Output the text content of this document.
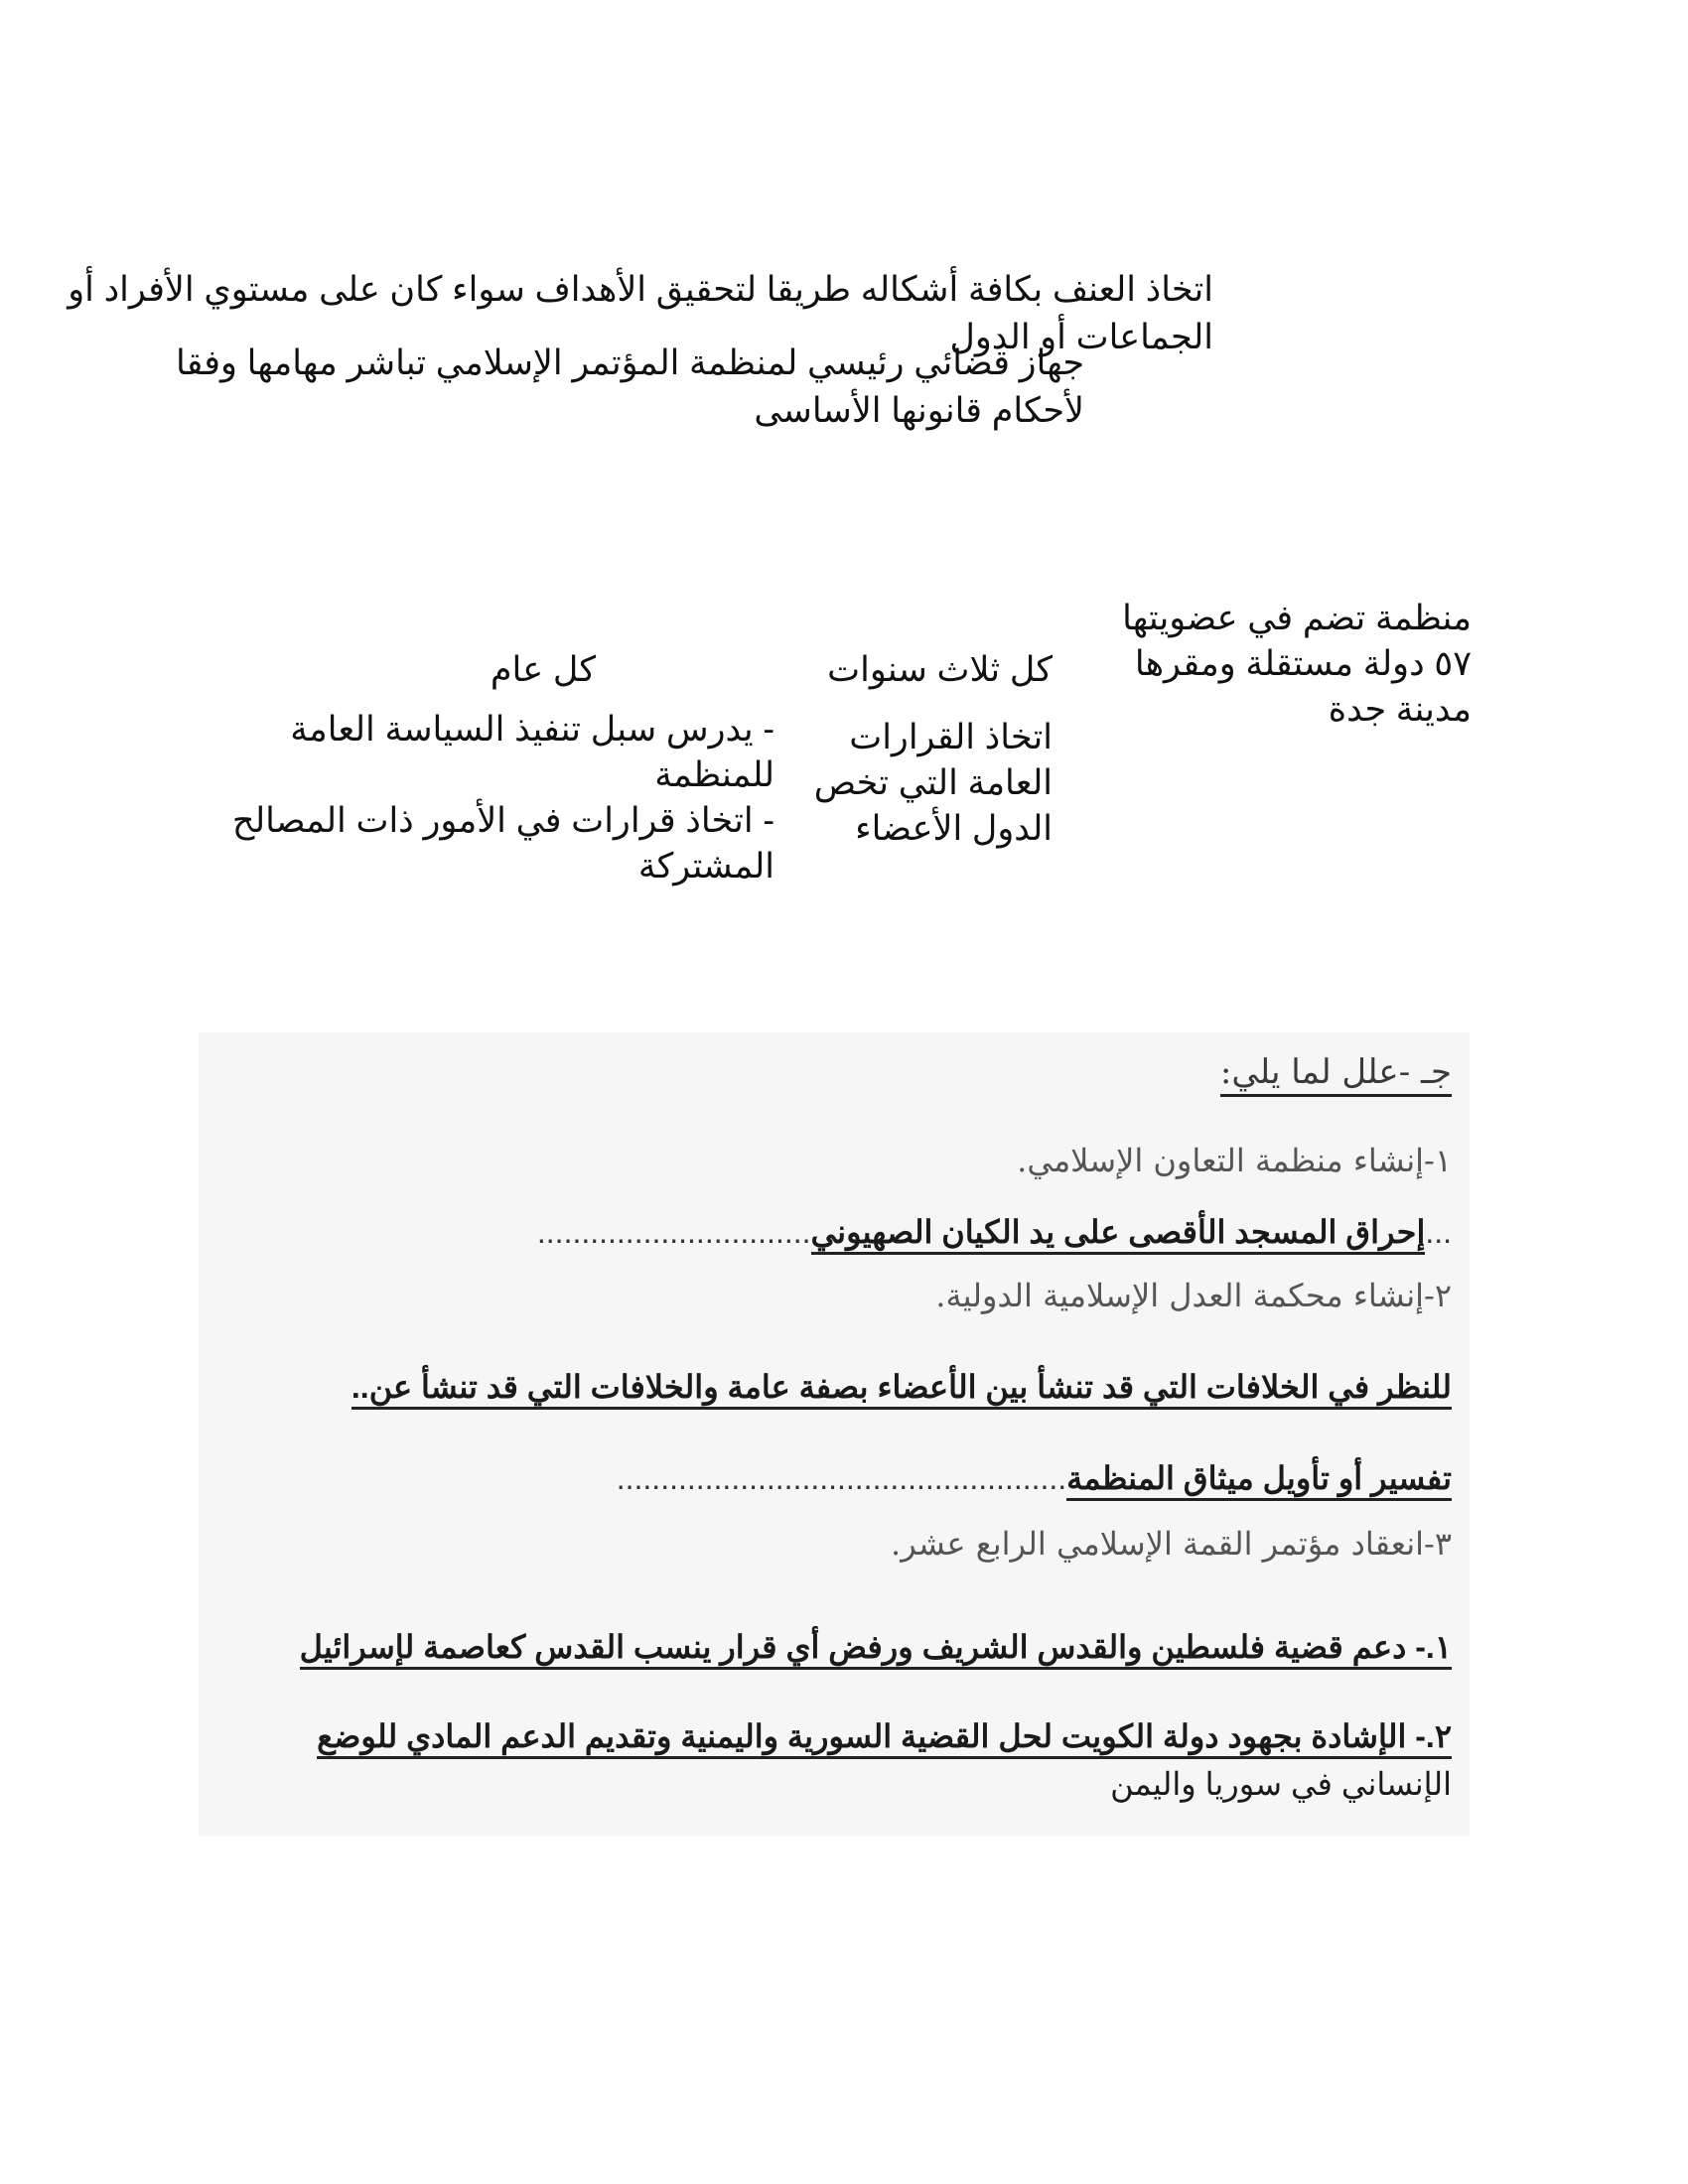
اتخاذ العنف بكافة أشكاله طريقا لتحقيق الأهداف سواء كان على مستوي الأفراد أو
الجماعات أو الدول
جهاز قضائي رئيسي لمنظمة المؤتمر الإسلامي تباشر مهامها وفقا
لأحكام قانونها الأساسى
منظمة تضم في عضويتها
٥٧ دولة مستقلة ومقرها
مدينة جدة
كل ثلاث سنوات
اتخاذ القرارات
العامة التي تخص
الدول الأعضاء
كل عام
- يدرس سبل تنفيذ السياسة العامة للمنظمة
- اتخاذ قرارات في الأمور ذات المصالح
المشتركة
جـ -علل لما يلي:
١-إنشاء منظمة التعاون الإسلامي.
...إحراق المسجد الأقصى على يد الكيان الصهيوني...............................
٢-إنشاء محكمة العدل الإسلامية الدولية.
للنظر في الخلافات التي قد تنشأ بين الأعضاء بصفة عامة والخلافات التي قد تنشأ عن..
تفسير أو تأويل ميثاق المنظمة...................................................
٣-انعقاد مؤتمر القمة الإسلامي الرابع عشر.
١.- دعم قضية فلسطين والقدس الشريف ورفض أي قرار ينسب القدس كعاصمة لإسرائيل
٢.- الإشادة بجهود دولة الكويت لحل القضية السورية واليمنية وتقديم الدعم المادي للوضع
الإنساني في سوريا واليمن
